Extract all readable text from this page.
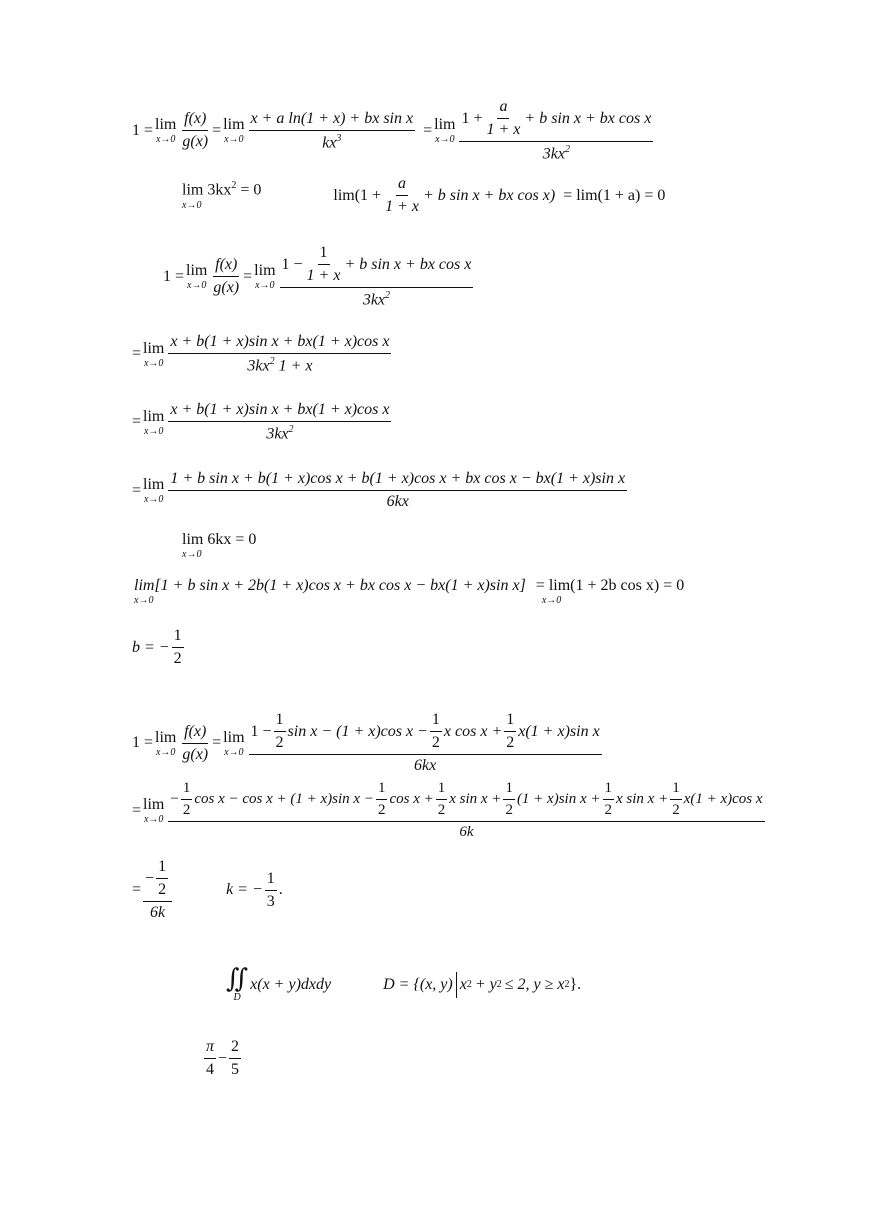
1 = lim
$x\to 0 \frac{f(x)}{g(x)} = \lim$
$x\to 0 \frac{\text{x + a ln(1 + x) + bx sin x}}{kx^3} = \lim$
$x\to 0 \frac{1 + \frac{a}{1 + x} + b \sin x + bx \cos x}{3kx^2}$
$\lim 3kx^2 = 0$
x→0
$\lim(1 + \frac{a}{1 + x} + b$ sin x + bx cos x) = lim(1 + a) = 0
1 = lim
$x\to 0 \frac{f(x)}{g(x)} = \lim$
$x\to 0 \frac{1 - \frac{1}{1 + x} + b \sin x + bx \cos x}{3kx^2}$
= lim
$x\to 0 \frac{\text{x + b(1 + x)sin x + bx(1 + x)cos x}}{3kx^2 1 + x}$
= lim
$x\to 0 \frac{\text{x + b(1 + x)sin x + bx(1 + x)cos x}}{3kx^2}$
= lim
x→0
1 + b sin x + b(1 + x)cos x + b(1 + x)cos x + bx cos x − bx(1 + x)sin x
6kx
lim 6kx = 0
x→0
lim[1 + b sin x + 2b(1 + x)cos x + bx cos x − bx(1 + x)sin x]
x→0
= lim(1 + 2b cos x) = 0
x→0
b = − $\frac{1}{2}$
1 = lim
$x\to 0 \frac{f(x)}{g(x)} = \lim$
x→0
$1 - \frac{1}{2}$ sin x − (1 + x)cos $x - \frac{1}{2}$ x $\cos x + \frac{1}{2} x(1 + x)\sin$ x
6kx
= lim
x→0
− $\frac{1}{2}$ cos x − cos x + (1 + x)sin $x - \frac{1}{2}$ $\cos x + \frac{1}{2}$ x $\sin x + \frac{1}{2} (1 + x)\sin$ $x + \frac{1}{2}$ x $\sin x + \frac{1}{2} x(1 + x)\cos$ x
6k
= $\frac{- \frac{1}{2}}{6k}$	k = − $\frac{1}{3}$ .
∬
D
x(x + y)dxdy	D = {(x, y) x 2 + y 2 ≤ 2, y ≥ x 2 }.
$\frac{\pi}{4} - \frac{2}{5}$
